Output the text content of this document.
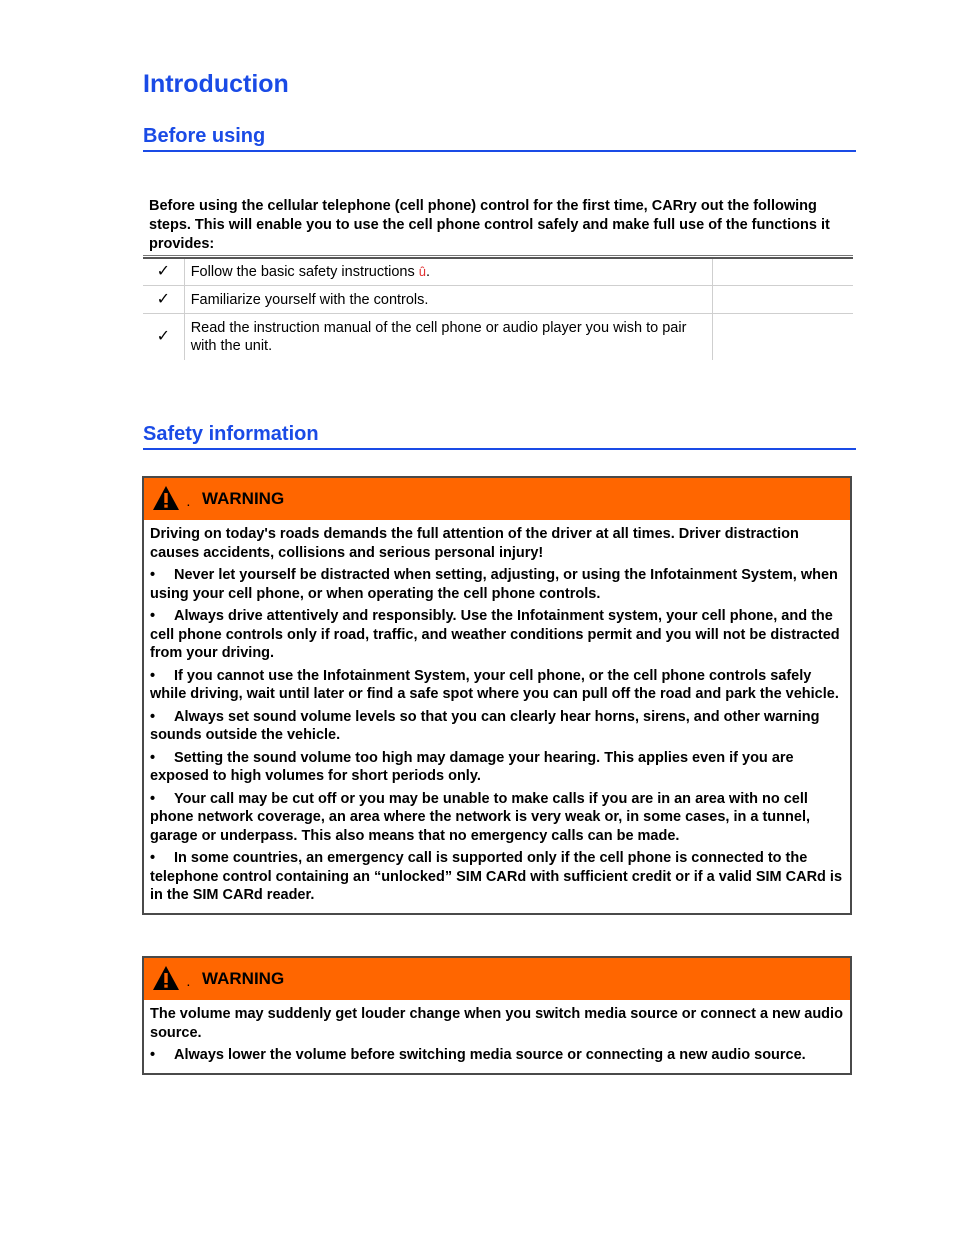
Introduction
Before using
Before using the cellular telephone (cell phone) control for the first time, CARry out the following steps. This will enable you to use the cell phone control safely and make full use of the functions it provides:
✓	Follow the basic safety instructions û.	
✓	Familiarize yourself with the controls.	
✓	Read the instruction manual of the cell phone or audio player you wish to pair with the unit.	
Safety information
. WARNING

Driving on today's roads demands the full attention of the driver at all times. Driver distraction causes accidents, collisions and serious personal injury!

• Never let yourself be distracted when setting, adjusting, or using the Infotainment System, when using your cell phone, or when operating the cell phone controls.

• Always drive attentively and responsibly. Use the Infotainment system, your cell phone, and the cell phone controls only if road, traffic, and weather conditions permit and you will not be distracted from your driving.

• If you cannot use the Infotainment System, your cell phone, or the cell phone controls safely while driving, wait until later or find a safe spot where you can pull off the road and park the vehicle.

• Always set sound volume levels so that you can clearly hear horns, sirens, and other warning sounds outside the vehicle.

• Setting the sound volume too high may damage your hearing. This applies even if you are exposed to high volumes for short periods only.

• Your call may be cut off or you may be unable to make calls if you are in an area with no cell phone network coverage, an area where the network is very weak or, in some cases, in a tunnel, garage or underpass. This also means that no emergency calls can be made.

• In some countries, an emergency call is supported only if the cell phone is connected to the telephone control containing an “unlocked” SIM CARd with sufficient credit or if a valid SIM CARd is in the SIM CARd reader.

. WARNING

The volume may suddenly get louder change when you switch media source or connect a new audio source.

• Always lower the volume before switching media source or connecting a new audio source.
